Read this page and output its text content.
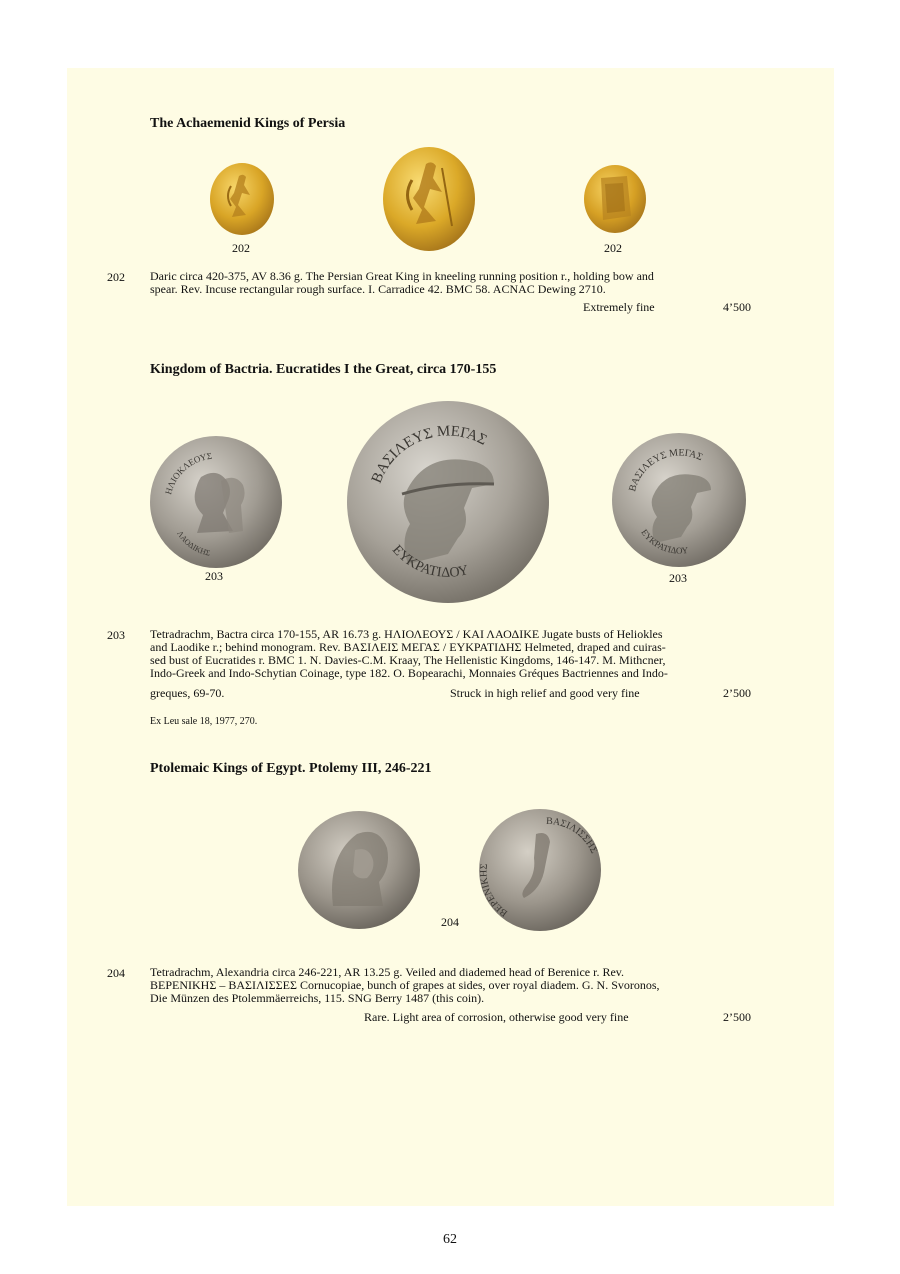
The Achaemenid Kings of Persia
202	202
202 Daric circa 420-375, AV 8.36 g. The Persian Great King in kneeling running position r., holding bow and

spear. Rev. Incuse rectangular rough surface. I. Carradice 42. BMC 58. ACNAC Dewing 2710.

Extremely fine	4’500
Kingdom of Bactria. Eucratides I the Great, circa 170-155
ΗΛΙΟΚΛΕΟΥΣ
ΛΑΟΔΙΚΗΣ
ΒΑΣΙΛΕΥΣ ΜΕΓΑΣ
ΕΥΚΡΑΤΙΔΟΥ
ΒΑΣΙΛΕΥΣ ΜΕΓΑΣ
ΕΥΚΡΑΤΙΔΟΥ
203	203
203 Tetradrachm, Bactra circa 170-155, AR 16.73 g. ΗΛΙΟΛΕΟΥΣ / ΚΑΙ ΛΑΟΔΙΚΕ Jugate busts of Heliokles

and Laodike r.; behind monogram. Rev. ΒΑΣΙΛΕΙΣ ΜΕΓΑΣ / ΕΥΚΡΑΤΙΔΗΣ Helmeted, draped and cuiras-

sed bust of Eucratides r. BMC 1. N. Davies-C.M. Kraay, The Hellenistic Kingdoms, 146-147. M. Mithcner,

Indo-Greek and Indo-Schytian Coinage, type 182. O. Bopearachi, Monnaies Gréques Bactriennes and Indo-

greques, 69-70.	Struck in high relief and good very fine	2’500
Ex Leu sale 18, 1977, 270.
Ptolemaic Kings of Egypt. Ptolemy III, 246-221
ΒΕΡΕΝΙΚΗΣ
ΒΑΣΙΛΙΣΣΗΣ
204
204 Tetradrachm, Alexandria circa 246-221, AR 13.25 g. Veiled and diademed head of Berenice r. Rev.

ΒΕΡΕΝΙΚΗΣ – ΒΑΣΙΛΙΣΣΕΣ Cornucopiae, bunch of grapes at sides, over royal diadem. G. N. Svoronos,

Die Münzen des Ptolemmäerreichs, 115. SNG Berry 1487 (this coin).

Rare. Light area of corrosion, otherwise good very fine	2’500
62
